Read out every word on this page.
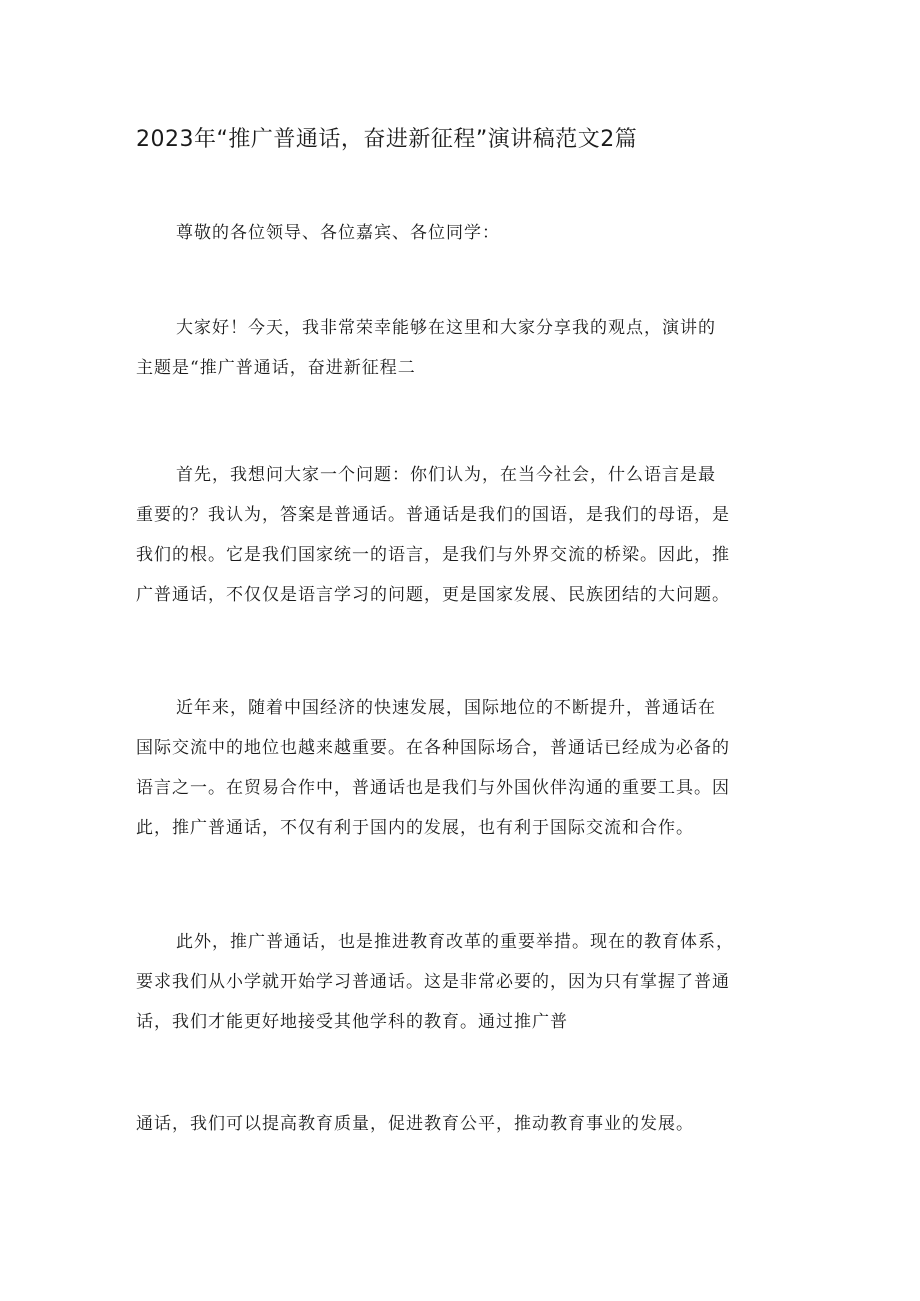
2023年“推广普通话，奋进新征程”演讲稿范文2篇

尊敬的各位领导、各位嘉宾、各位同学：

大家好！今天，我非常荣幸能够在这里和大家分享我的观点，演讲的
主题是“推广普通话，奋进新征程二

首先，我想问大家一个问题：你们认为，在当今社会，什么语言是最
重要的？我认为，答案是普通话。普通话是我们的国语，是我们的母语，是
我们的根。它是我们国家统一的语言，是我们与外界交流的桥梁。因此，推
广普通话，不仅仅是语言学习的问题，更是国家发展、民族团结的大问题。

近年来，随着中国经济的快速发展，国际地位的不断提升，普通话在
国际交流中的地位也越来越重要。在各种国际场合，普通话已经成为必备的
语言之一。在贸易合作中，普通话也是我们与外国伙伴沟通的重要工具。因
此，推广普通话，不仅有利于国内的发展，也有利于国际交流和合作。

此外，推广普通话，也是推进教育改革的重要举措。现在的教育体系，
要求我们从小学就开始学习普通话。这是非常必要的，因为只有掌握了普通
话，我们才能更好地接受其他学科的教育。通过推广普

通话，我们可以提高教育质量，促进教育公平，推动教育事业的发展。
